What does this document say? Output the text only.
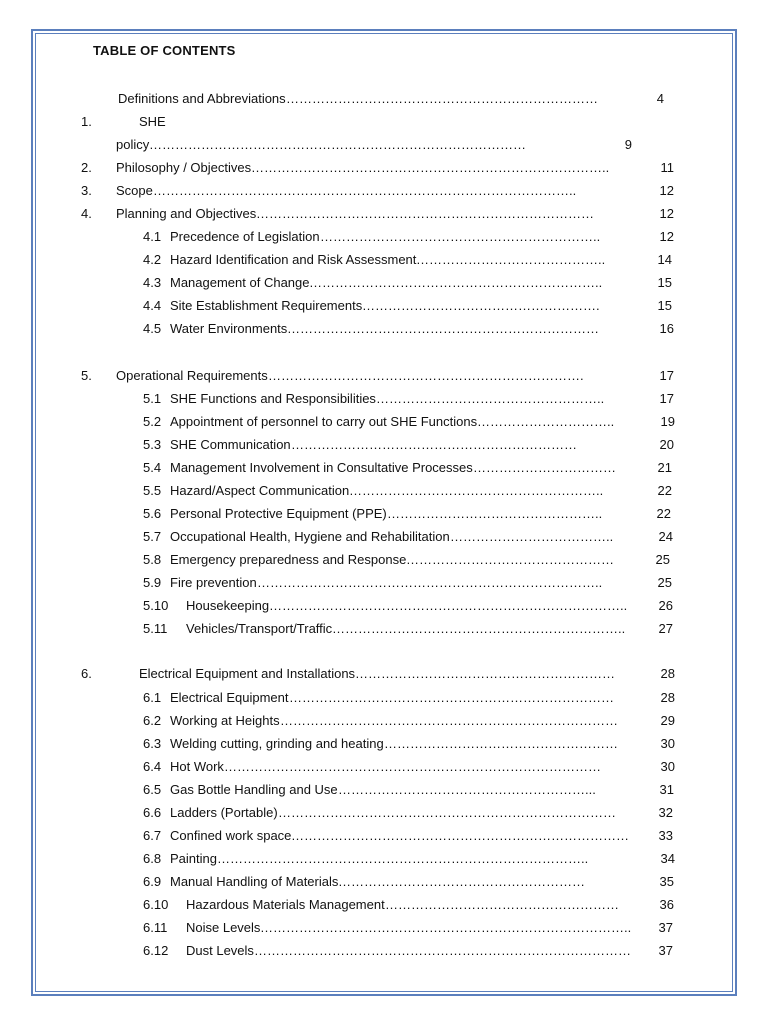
TABLE OF CONTENTS
Definitions and Abbreviations	4
………………………………………………………………
1.	SHE
policy	9
……………………………………………………………………………
2. Philosophy / Objectives	11
………………………………………………………………………..
3. Scope	12
……………………………………………………………………………………..
4. Planning and Objectives	12
……………………………………………………………………
4.1 Precedence of Legislation	12
………………………………………………………..
4.2 Hazard Identification and Risk Assessment	14
……………………………………..
4.3 Management of Change	15
…………………………………………………………..
4.4 Site Establishment Requirements	15
……………………………………………….
4.5 Water Environments	16
………………………………………………………………
5. Operational Requirements	17
……………………………………………………………….
5.1 SHE Functions and Responsibilities	17
……………………………………………..
5.2 Appointment of personnel to carry out SHE Functions	19
…………………………..
5.3 SHE Communication	20
…………………………………………………………
5.4 Management Involvement in Consultative Processes	21
……………………………
5.5 Hazard/Aspect Communication	22
…………………………………………………..
5.6 Personal Protective Equipment (PPE)	22
…………………………………………..
5.7 Occupational Health, Hygiene and Rehabilitation	24
………………………………..
5.8 Emergency preparedness and Response	25
…………………………………………
5.9 Fire prevention	25
……………………………………………………………………..
5.10 Housekeeping	26
………………………………………………………………………..
5.11 Vehicles/Transport/Traffic	27
…………………………………………………………..
6.	Electrical Equipment and Installations	28
……………………………………………………
6.1 Electrical Equipment	28
…………………………………………………………………
6.2 Working at Heights	29
……………………………………………………………………
6.3 Welding cutting, grinding and heating	30
………………………………………………
6.4 Hot Work	30
……………………………………………………………………………
6.5 Gas Bottle Handling and Use	31
…………………………………………………...
6.6 Ladders (Portable)	32
……………………………………………………………………
6.7 Confined work space	33
……………………………………………………………………
6.8 Painting	34
…………………………………………………………………………..
6.9 Manual Handling of Materials	35
…………………………………………………
6.10 Hazardous Materials Management	36
………………………………………………
6.11 Noise Levels	37
…………………………………………………………………………..
6.12 Dust Levels	37
……………………………………………………………………………
